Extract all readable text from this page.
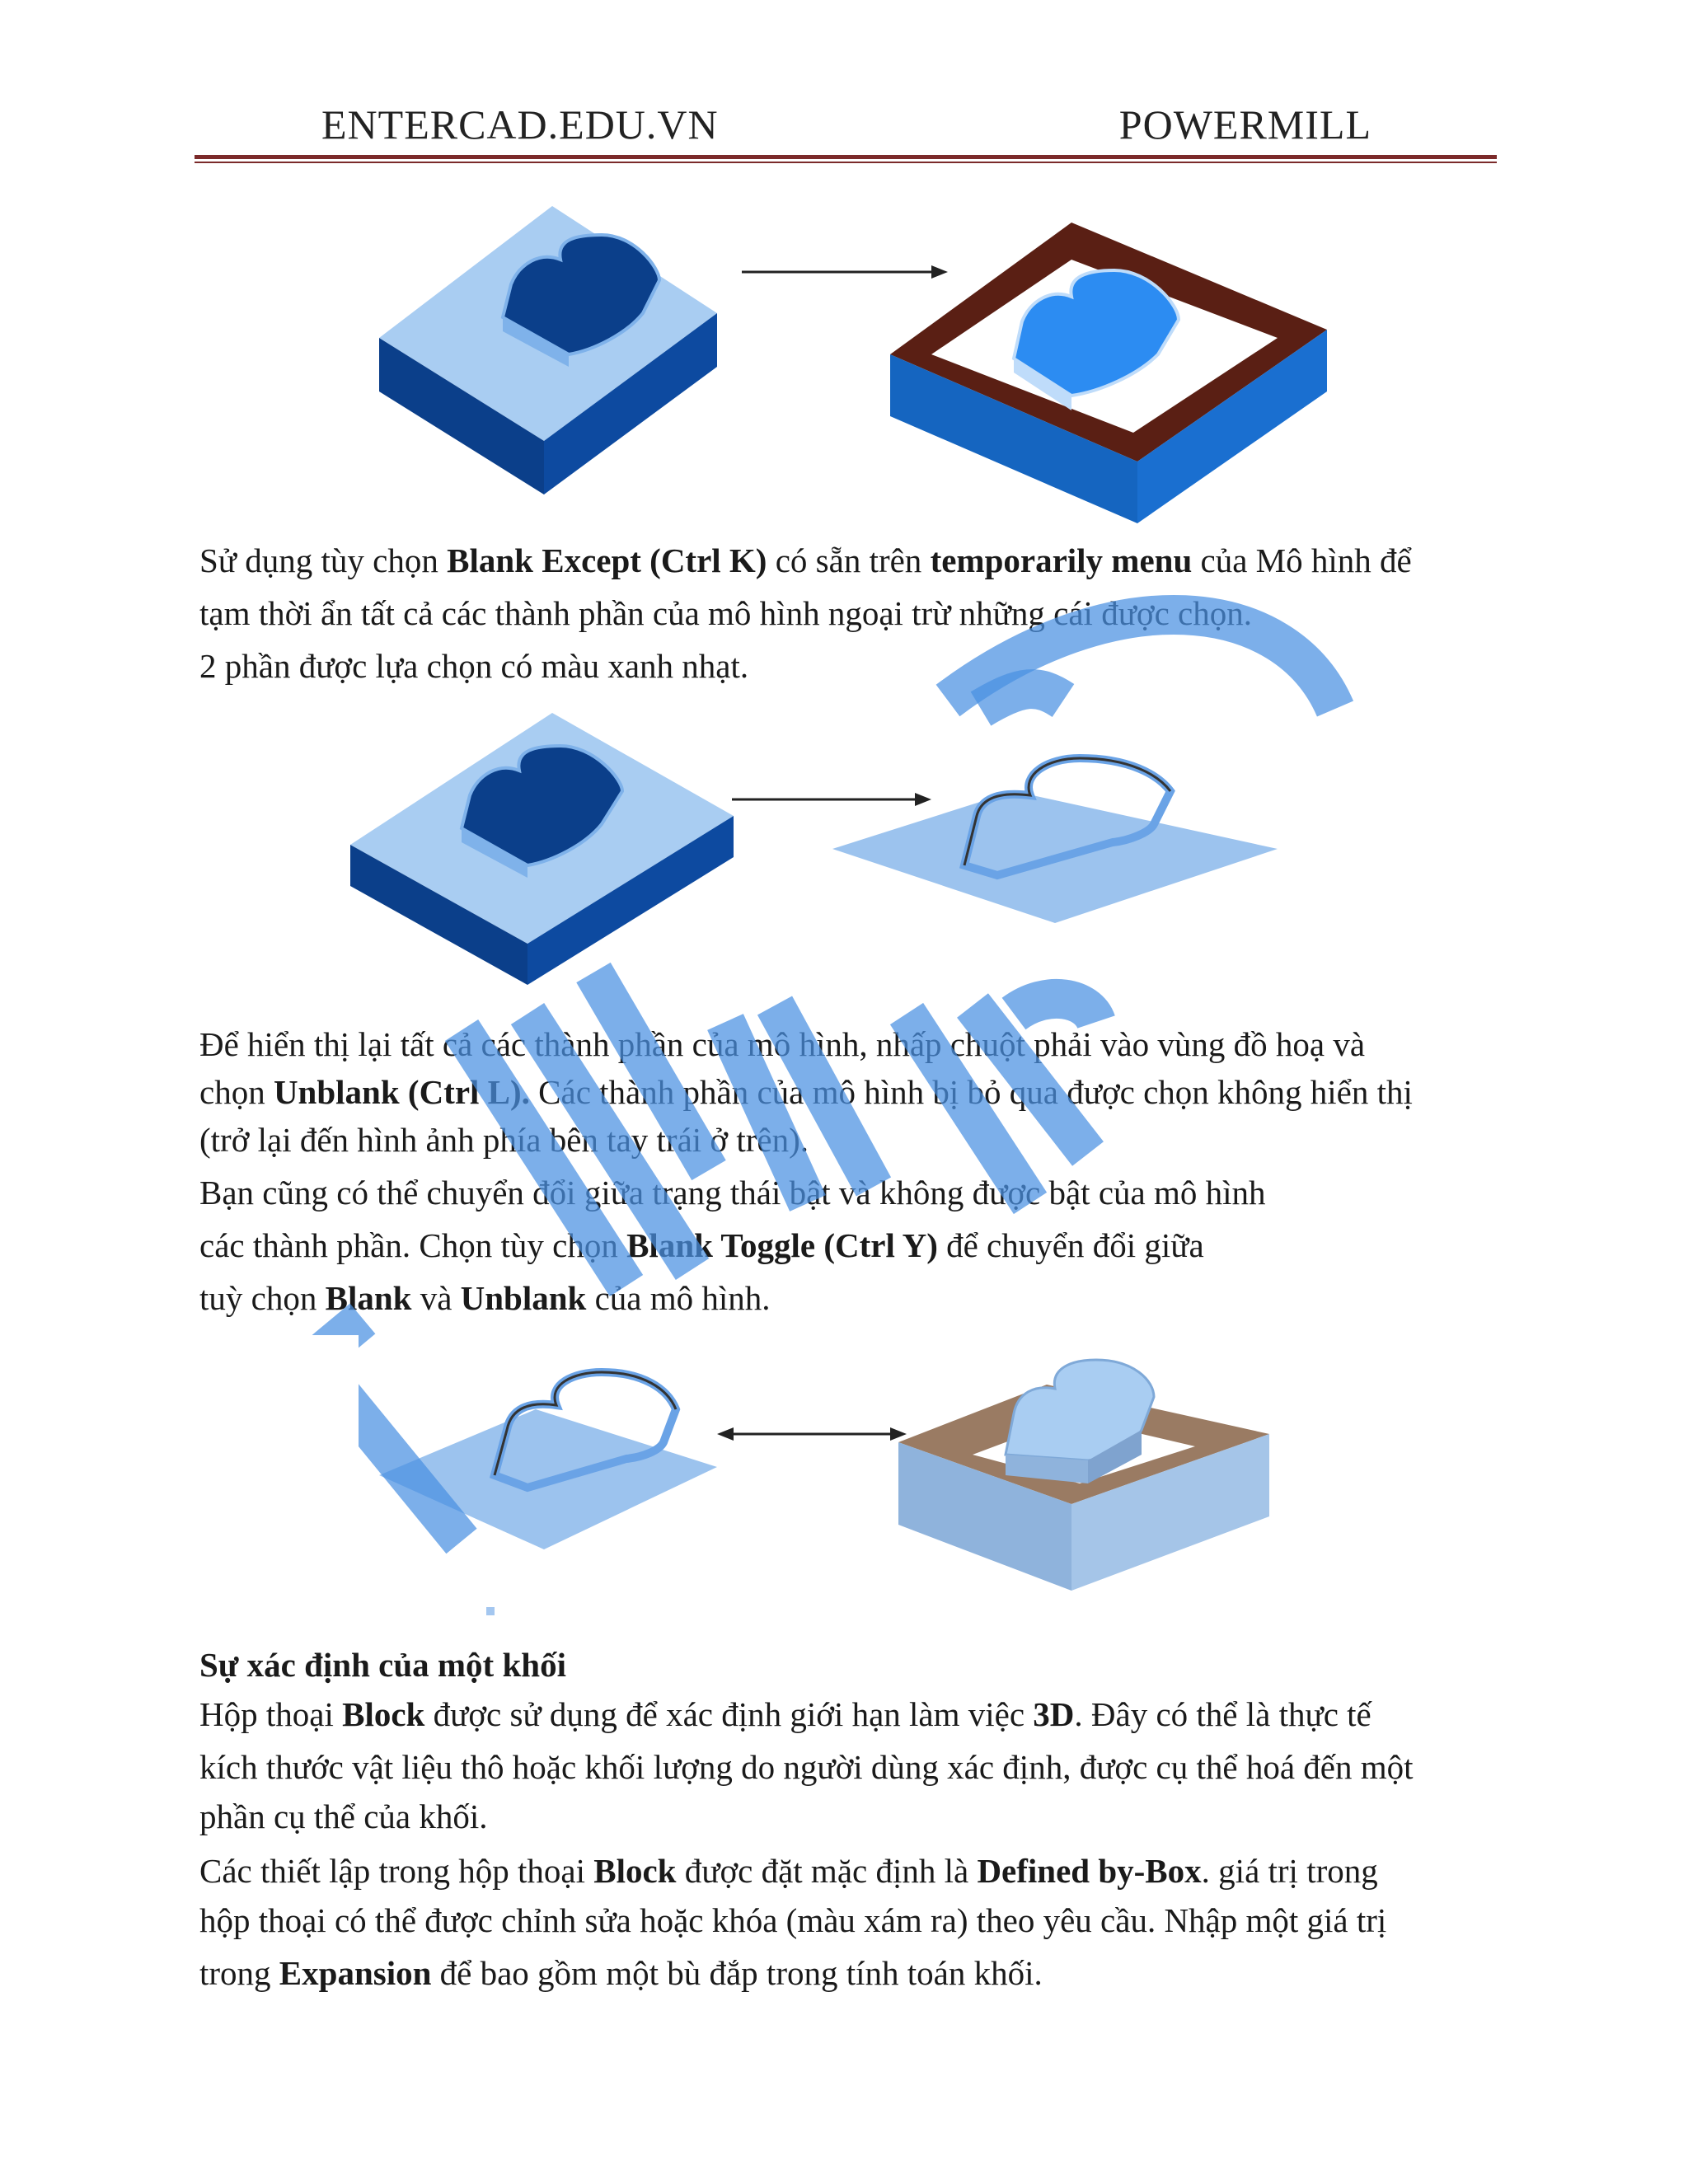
ENTERCAD.EDU.VN	POWERMILL

Sử dụng tùy chọn Blank Except (Ctrl K) có sẵn trên temporarily menu của Mô hình để

tạm thời ẩn tất cả các thành phần của mô hình ngoại trừ những cái được chọn.

2 phần được lựa chọn có màu xanh nhạt.

Để hiển thị lại tất cả các thành phần của mô hình, nhấp chuột phải vào vùng đồ hoạ và

chọn Unblank (Ctrl L). Các thành phần của mô hình bị bỏ qua được chọn không hiển thị

(trở lại đến hình ảnh phía bên tay trái ở trên).

Bạn cũng có thể chuyển đổi giữa trạng thái bật và không được bật của mô hình

các thành phần. Chọn tùy chọn Blank Toggle (Ctrl Y) để chuyển đổi giữa

tuỳ chọn Blank và Unblank của mô hình.

Sự xác định của một khối

Hộp thoại Block được sử dụng để xác định giới hạn làm việc 3D. Đây có thể là thực tế

kích thước vật liệu thô hoặc khối lượng do người dùng xác định, được cụ thể hoá đến một

phần cụ thể của khối.

Các thiết lập trong hộp thoại Block được đặt mặc định là Defined by-Box. giá trị trong

hộp thoại có thể được chỉnh sửa hoặc khóa (màu xám ra) theo yêu cầu. Nhập một giá trị

trong Expansion để bao gồm một bù đắp trong tính toán khối.
